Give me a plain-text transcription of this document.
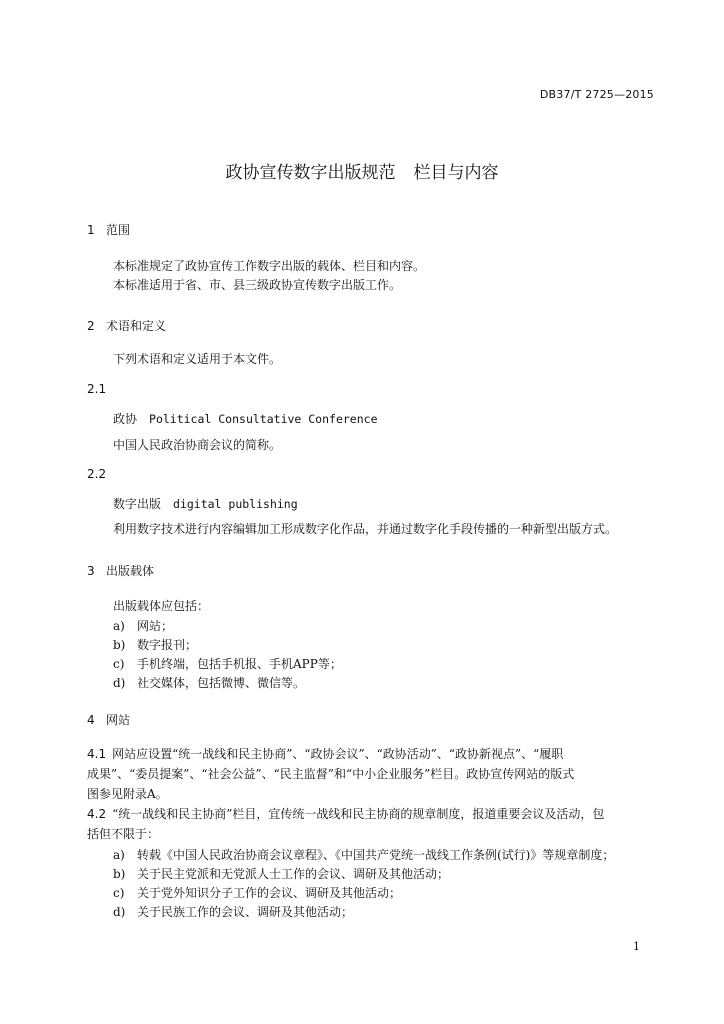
DB37/T 2725—2015
政协宣传数字出版规范 栏目与内容
1 范围
本标准规定了政协宣传工作数字出版的载体、栏目和内容。
本标准适用于省、市、县三级政协宣传数字出版工作。
2 术语和定义
下列术语和定义适用于本文件。
2.1
政协 Political Consultative Conference
中国人民政治协商会议的简称。
2.2
数字出版 digital publishing
利用数字技术进行内容编辑加工形成数字化作品，并通过数字化手段传播的一种新型出版方式。
3 出版载体
出版载体应包括：
a) 网站；
b) 数字报刊；
c) 手机终端，包括手机报、手机APP等；
d) 社交媒体，包括微博、微信等。
4 网站
4.1 网站应设置“统一战线和民主协商”、“政协会议”、“政协活动”、“政协新视点”、“履职
成果”、“委员提案”、“社会公益”、“民主监督”和“中小企业服务”栏目。政协宣传网站的版式
图参见附录A。
4.2 “统一战线和民主协商”栏目，宜传统一战线和民主协商的规章制度，报道重要会议及活动，包
括但不限于：
a) 转载《中国人民政治协商会议章程》、《中国共产党统一战线工作条例(试行)》等规章制度；
b) 关于民主党派和无党派人士工作的会议、调研及其他活动；
c) 关于党外知识分子工作的会议、调研及其他活动；
d) 关于民族工作的会议、调研及其他活动；
1
